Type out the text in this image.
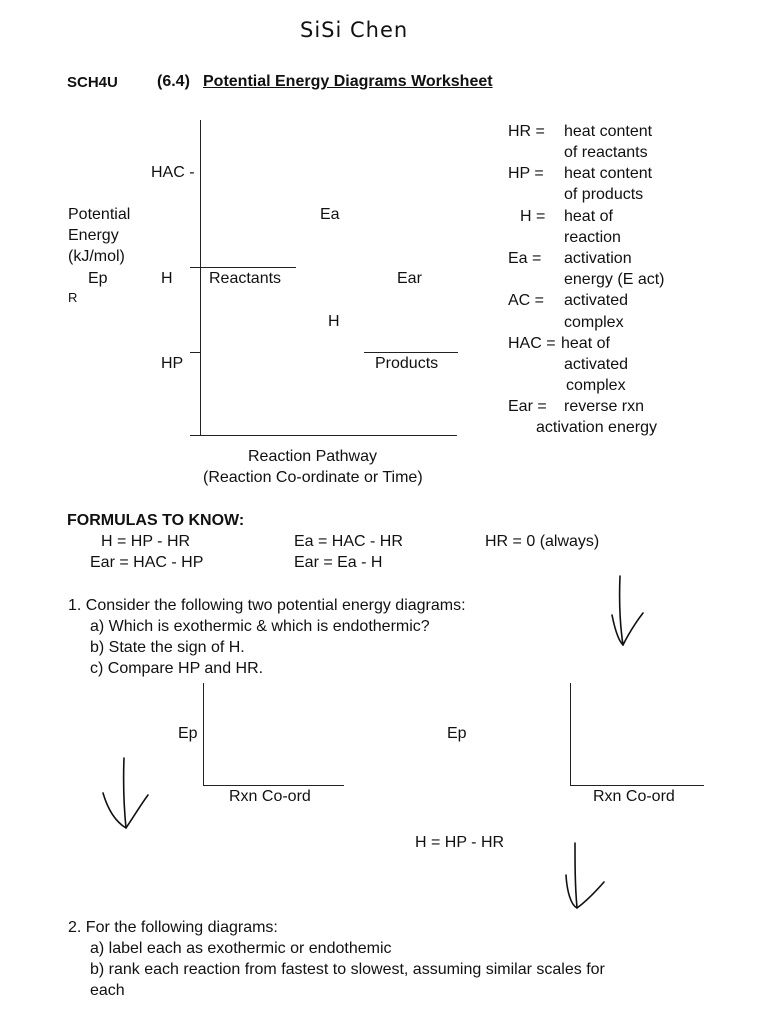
SiSi Chen
SCH4U (6.4) Potential Energy Diagrams Worksheet
HAC -
Potential
Energy
(kJ/mol)
Ep
R
H
HP
Ea
Ear
H
Reactants
Products
Reaction Pathway
(Reaction Co-ordinate or Time)
HR = heat content
of reactants
HP = heat content
of products
H = heat of
reaction
Ea = activation
energy (E act)
AC = activated
complex
HAC = heat of
activated
complex
Ear = reverse rxn
activation energy
FORMULAS TO KNOW:
H = HP - HR	Ea = HAC - HR	HR = 0 (always)
Ear = HAC - HP	Ear = Ea - H
1. Consider the following two potential energy diagrams:
a) Which is exothermic & which is endothermic?
b) State the sign of H.
c) Compare HP and HR.
Ep
Rxn Co-ord
Ep
Rxn Co-ord
H = HP - HR
2. For the following diagrams:
a) label each as exothermic or endothemic
b) rank each reaction from fastest to slowest, assuming similar scales for
each
